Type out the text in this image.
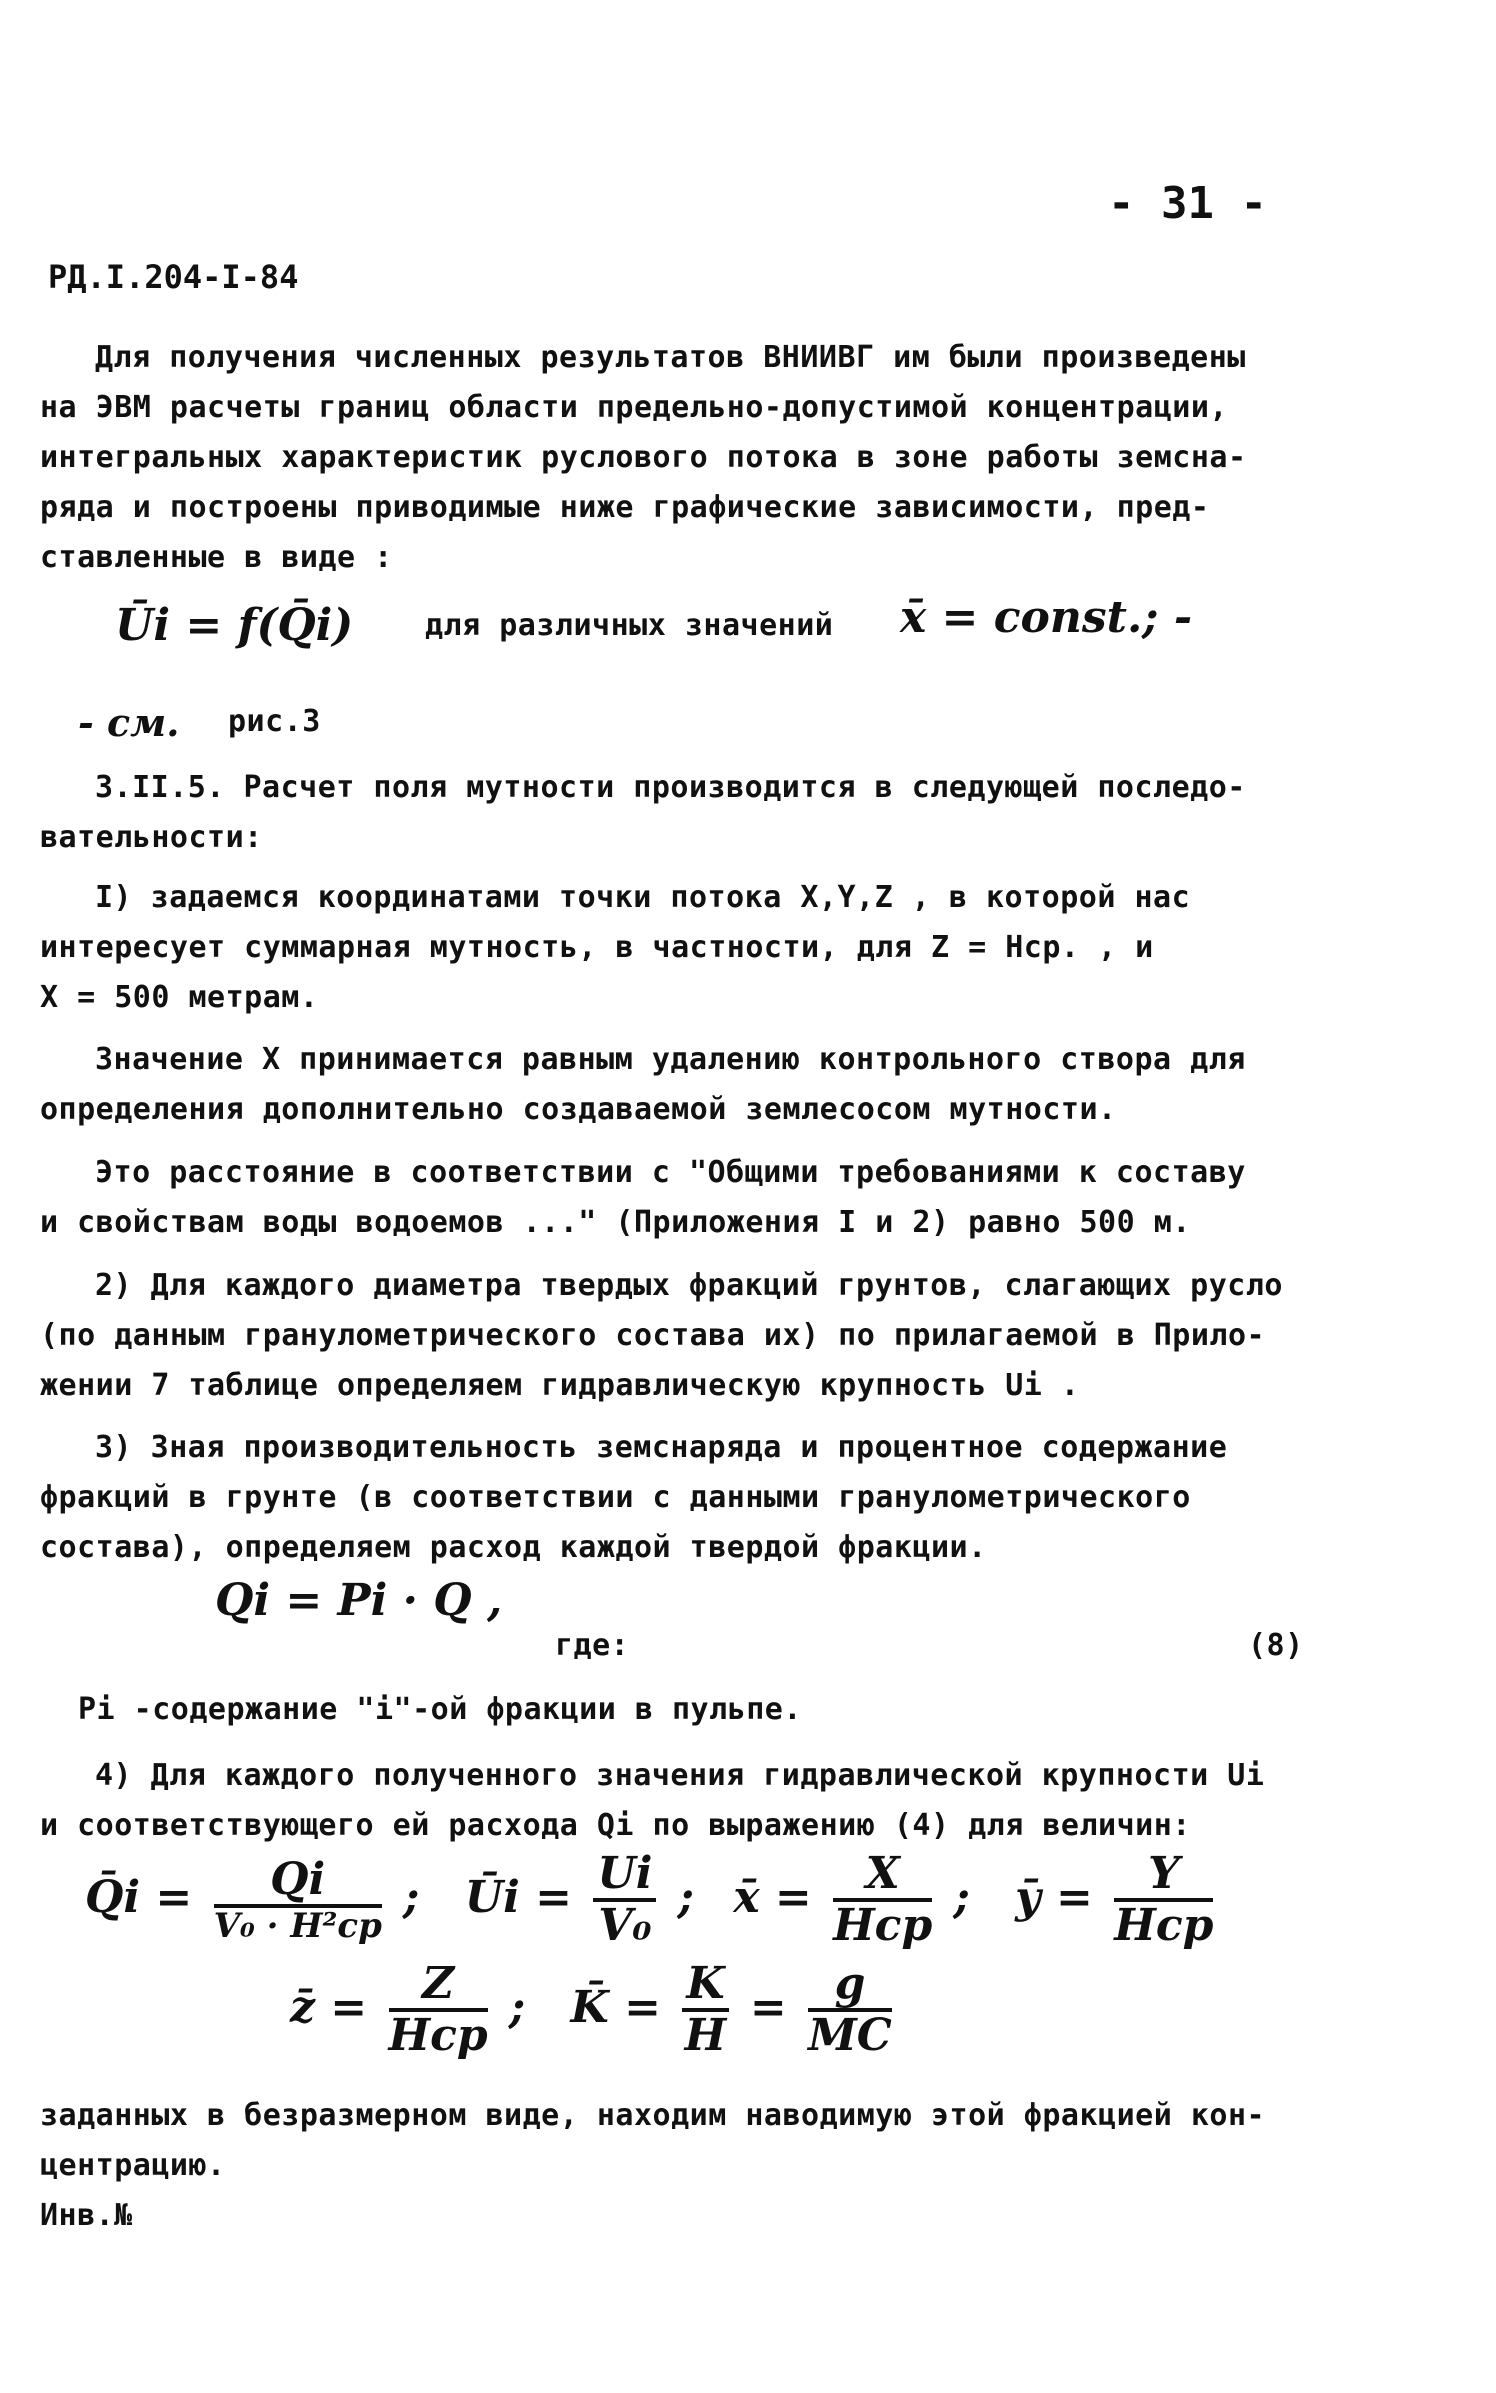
- 31 -
РД.I.204-I-84
Для получения численных результатов ВНИИВГ им были произведены
на ЭВМ расчеты границ области предельно-допустимой концентрации,
интегральных характеристик руслового потока в зоне работы земсна-
ряда и построены приводимые ниже графические зависимости, пред-
ставленные в виде :
Ūi = f(Q̄i) для различных значений x̄ = const.; -
- см. рис.3
3.II.5. Расчет поля мутности производится в следующей последо-
вательности:
I) задаемся координатами точки потока X,Y,Z , в которой нас
интересует суммарная мутность, в частности, для Z = Hср. , и
X = 500 метрам.
Значение X принимается равным удалению контрольного створа для
определения дополнительно создаваемой землесосом мутности.
Это расстояние в соответствии с "Общими требованиями к составу
и свойствам воды водоемов ..." (Приложения I и 2) равно 500 м.
2) Для каждого диаметра твердых фракций грунтов, слагающих русло
(по данным гранулометрического состава их) по прилагаемой в Прило-
жении 7 таблице определяем гидравлическую крупность Ui .
3) Зная производительность земснаряда и процентное содержание
фракций в грунте (в соответствии с данными гранулометрического
состава), определяем расход каждой твердой фракции.
Qi = Pi · Q ,
где:	(8)
Pi -содержание "i"-ой фракции в пульпе.
4) Для каждого полученного значения гидравлической крупности Ui
и соответствующего ей расхода Qi по выражению (4) для величин:
Q̄i = $\frac{Qi}{\text{V₀ · H²ср}}$ ; Ūi = $\frac{Ui}{\text{V₀}}$ ; x̄ = $\frac{X}{\text{Hср}}$ ; ȳ = $\frac{Y}{\text{Hср}}$
z̄ = $\frac{Z}{\text{Hср}}$ ; K̄ = $\frac{K}{H} = \frac{g}{MC}$
заданных в безразмерном виде, находим наводимую этой фракцией кон-
центрацию.
Инв.№
